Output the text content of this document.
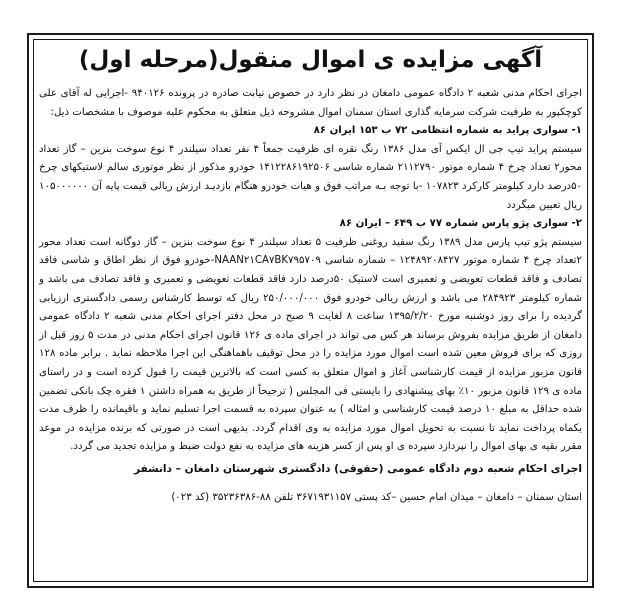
آگهی مزایده ی اموال منقول(مرحله اول)

اجرای احکام مدنی شعبه ۲ دادگاه عمومی دامغان در نظر دارد در خصوص نیابت صادره در پرونده ۹۴۰۱۲۶ -اجرایی له آقای علی کوچکپور به طرفیت شرکت سرمایه گذاری استان سمنان اموال مشروحه ذیل متعلق به محکوم علیه موصوف با مشخصات ذیل:

۱- سواری پراید به شماره انتظامی ۷۲ ب ۱۵۳ ایران ۸۶

سیستم پراید تیپ جی ال ایکس آی مدل ۱۳۸۶ رنگ نقره ای ظرفیت جمعاً ۴ نفر تعداد سیلندر ۴ نوع سوخت بنزین – گاز تعداد محور۲ تعداد چرخ ۴ شماره موتور ۲۱۱۲۷۹۰ شماره شاسی ۱۴۱۲۲۸۶۱۹۲۵۰۶ خودرو مذکور از نظر موتوری سالم لاستیکهای چرخ ۵۰درصد دارد کیلومتر کارکرد ۱۰۷۸۲۳ -با توجه بـه مراتب فوق و هیات خودرو هنگام بازدیـد ارزش ریالی قیمت پایه آن ۱۰۵۰۰۰۰۰۰ ریال تعیین میگردد

۲- سواری پژو پارس شماره ۷۷ ب ۶۴۹ – ایران ۸۶

سیستم پژو تیپ پارس مدل ۱۳۸۹ رنگ سفید روغنی ظرفیت ۵ تعداد سیلندر ۴ نوع سوخت بنزین – گاز دوگانه است تعداد محور ۲تعداد چرخ ۴ شماره موتور ۱۲۴۸۹۲۰۸۴۲۷ – شماره شاسی NAAN۲۱CA۷BK۷۹۵۷۰۹-خودرو فوق از نظر اطاق و شاسی فاقد تصادف و فاقد قطعات تعویضی و تعمیری است لاستیک ۵۰درصد دارد فاقد قطعات تعویضی و تعمیری و فاقد تصادف می باشد و شماره کیلومتر ۲۸۴۹۲۳ می باشد و ارزش ریالی خودرو فوق ۲۵۰/۰۰۰/۰۰۰ ریال که توسط کارشناس رسمی دادگستری ارزیابی گردیده را برای روز دوشنبه مورخ ۱۳۹۵/۲/۲۰ ساعت ۸ لغایت ۹ صبح در محل دفتر اجرای احکام مدنی شعبه ۲ دادگاه عمومی دامغان از طریق مزایده بفروش برساند هر کس می تواند در اجرای ماده ی ۱۲۶ قانون اجرای احکام مدنی در مدت ۵ روز قبل از روزی که برای فروش معین شده است اموال مورد مزایده را در محل توقیف باهماهنگی این اجرا ملاحظه نماید . برابر ماده ۱۲۸ قانون مزبور مزایده از قیمت کارشناسی آغاز و اموال متعلق به کسی است که بالاترین قیمت را قبول کرده است و در راستای ماده ی ۱۲۹ قانون مزبور ۱۰٪ بهای پیشنهادی را بایستی فی المجلس ( ترجیحاً از طریق به همراه داشتن ۱ فقره چک بانکی تضمین شده حداقل به مبلغ ۱۰ درصد قیمت کارشناسی و امثاله ) به عنوان سپرده به قسمت اجرا تسلیم نماید و باقیمانده را ظرف مدت یکماه پرداخت نماید تا نسبت به تحویل اموال مورد مزایده به وی اقدام گردد. بدیهی است در صورتی که برنده مزایده در موعد مقرر بقیه ی بهای اموال را نپردازد سپرده ی او پس از کسر هزینه های مزایده به نفع دولت ضبط و مزایده تجدید می گردد.

اجرای احکام شعبه دوم دادگاه عمومی (حقوقی) دادگستری شهرستان دامغان – دانشفر
استان سمنان – دامغان – میدان امام حسین –کد پستی ۳۶۷۱۹۳۱۱۵۷ تلفن ۸۸-۳۵۲۳۶۳۸۶ (کد ۰۲۳)
